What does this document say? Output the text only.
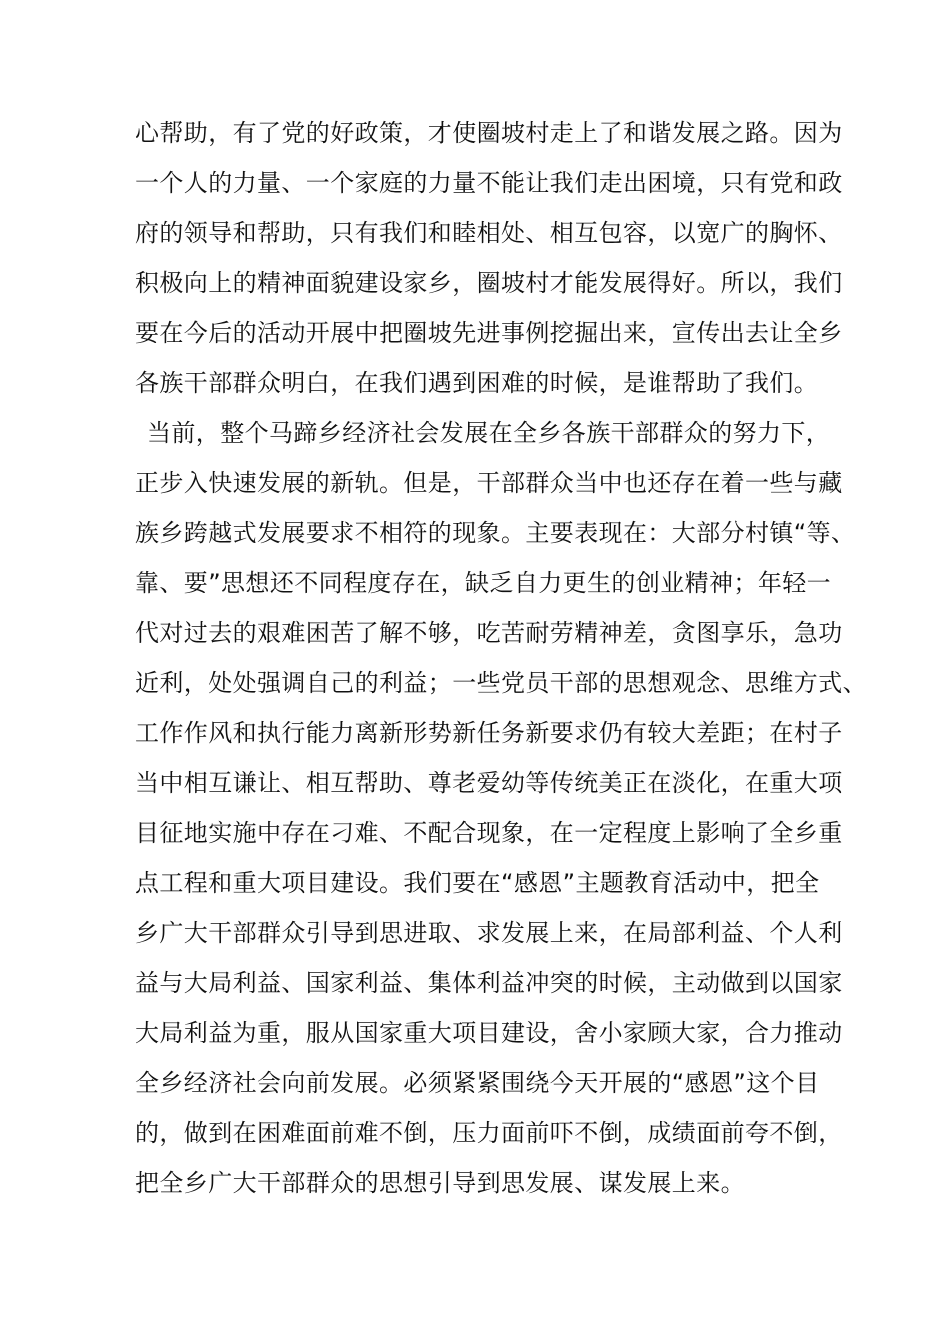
心帮助，有了党的好政策，才使圈坡村走上了和谐发展之路。因为
一个人的力量、一个家庭的力量不能让我们走出困境，只有党和政
府的领导和帮助，只有我们和睦相处、相互包容，以宽广的胸怀、
积极向上的精神面貌建设家乡，圈坡村才能发展得好。所以，我们
要在今后的活动开展中把圈坡先进事例挖掘出来，宣传出去让全乡
各族干部群众明白，在我们遇到困难的时候，是谁帮助了我们。
当前，整个马蹄乡经济社会发展在全乡各族干部群众的努力下，
正步入快速发展的新轨。但是，干部群众当中也还存在着一些与藏
族乡跨越式发展要求不相符的现象。主要表现在：大部分村镇“等、
靠、要”思想还不同程度存在，缺乏自力更生的创业精神；年轻一
代对过去的艰难困苦了解不够，吃苦耐劳精神差，贪图享乐，急功
近利，处处强调自己的利益；一些党员干部的思想观念、思维方式、
工作作风和执行能力离新形势新任务新要求仍有较大差距；在村子
当中相互谦让、相互帮助、尊老爱幼等传统美正在淡化，在重大项
目征地实施中存在刁难、不配合现象，在一定程度上影响了全乡重
点工程和重大项目建设。我们要在“感恩”主题教育活动中，把全
乡广大干部群众引导到思进取、求发展上来，在局部利益、个人利
益与大局利益、国家利益、集体利益冲突的时候，主动做到以国家
大局利益为重，服从国家重大项目建设，舍小家顾大家，合力推动
全乡经济社会向前发展。必须紧紧围绕今天开展的“感恩”这个目
的，做到在困难面前难不倒，压力面前吓不倒，成绩面前夸不倒，
把全乡广大干部群众的思想引导到思发展、谋发展上来。
